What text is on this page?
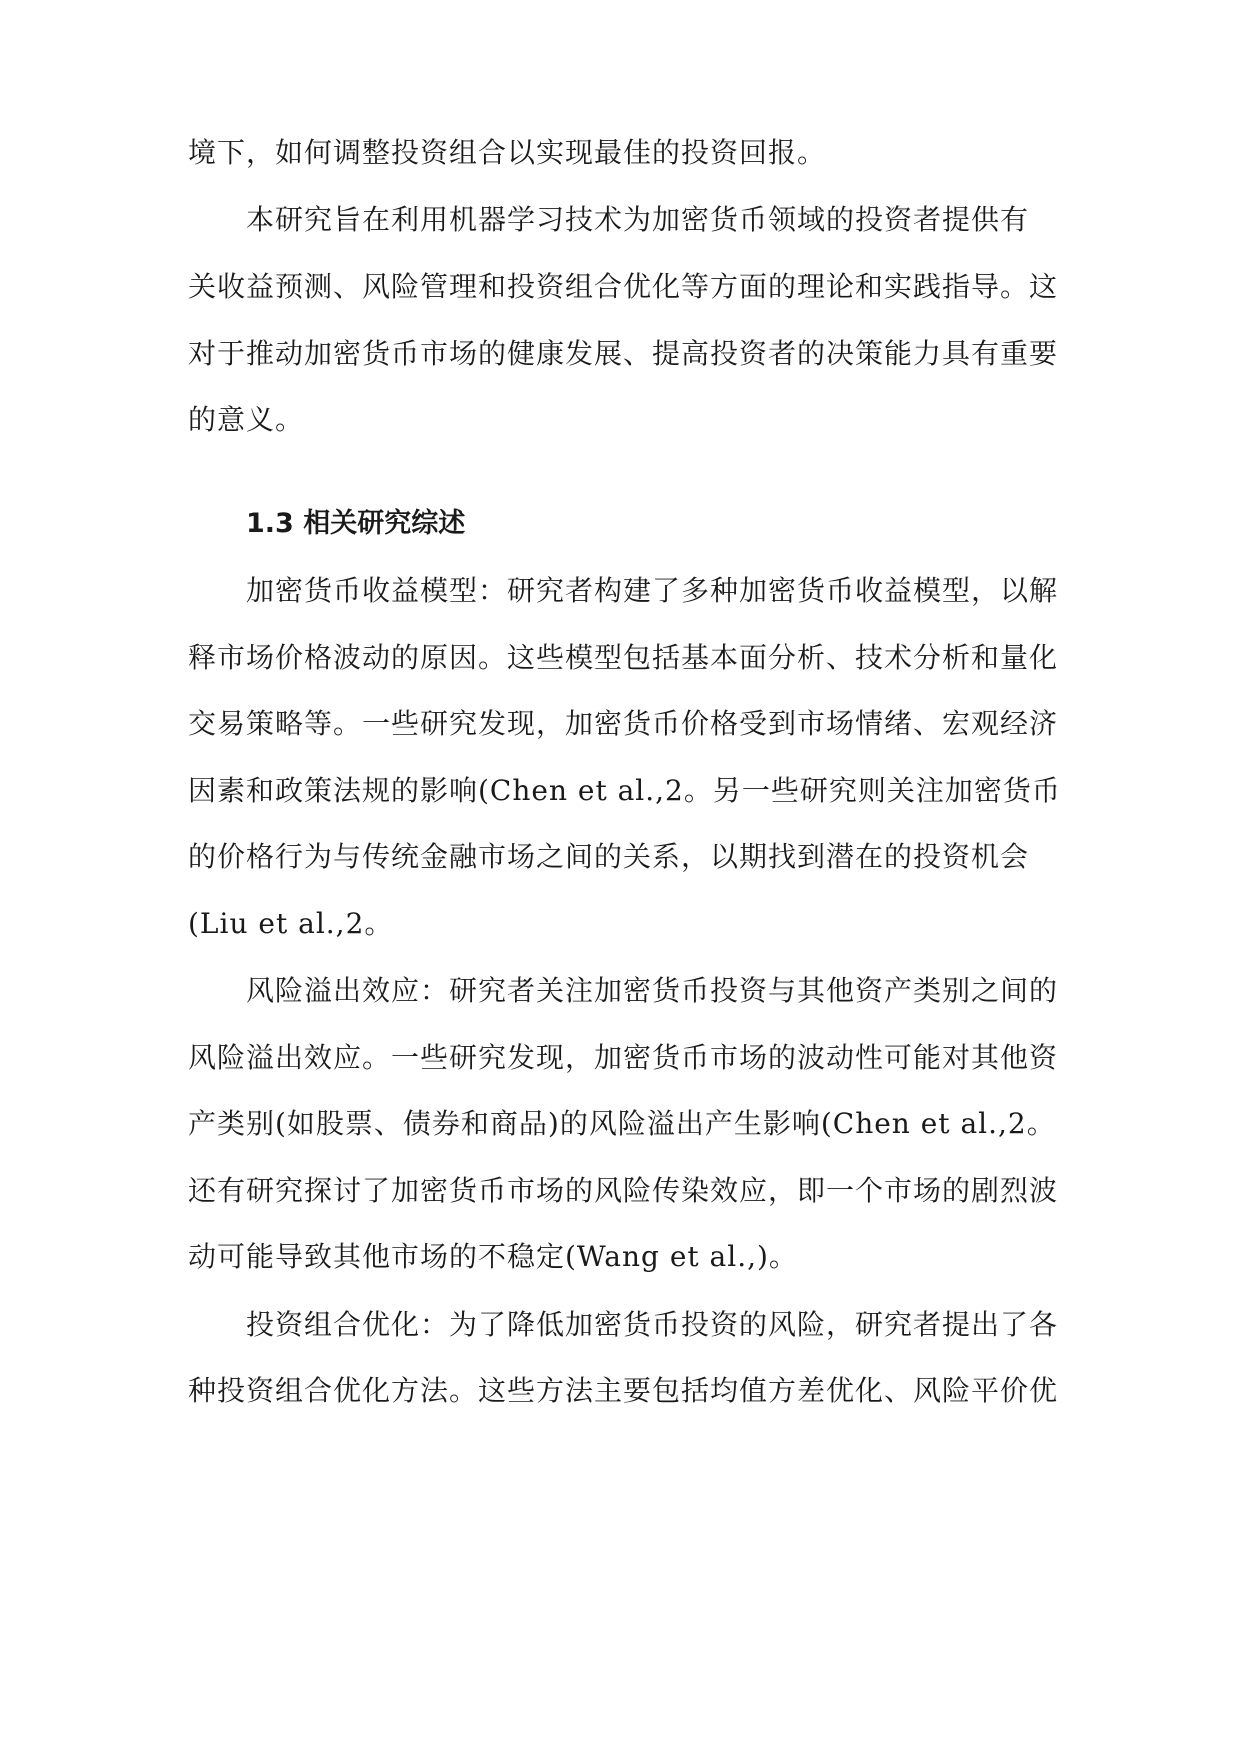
境下，如何调整投资组合以实现最佳的投资回报。
本研究旨在利用机器学习技术为加密货币领域的投资者提供有
关收益预测、风险管理和投资组合优化等方面的理论和实践指导。这
对于推动加密货币市场的健康发展、提高投资者的决策能力具有重要
的意义。
1.3 相关研究综述
加密货币收益模型：研究者构建了多种加密货币收益模型，以解
释市场价格波动的原因。这些模型包括基本面分析、技术分析和量化
交易策略等。一些研究发现，加密货币价格受到市场情绪、宏观经济
因素和政策法规的影响(Chen et al.,2。另一些研究则关注加密货币
的价格行为与传统金融市场之间的关系，以期找到潜在的投资机会
(Liu et al.,2。
风险溢出效应：研究者关注加密货币投资与其他资产类别之间的
风险溢出效应。一些研究发现，加密货币市场的波动性可能对其他资
产类别(如股票、债券和商品)的风险溢出产生影响(Chen et al.,2。
还有研究探讨了加密货币市场的风险传染效应，即一个市场的剧烈波
动可能导致其他市场的不稳定(Wang et al.,)。
投资组合优化：为了降低加密货币投资的风险，研究者提出了各
种投资组合优化方法。这些方法主要包括均值方差优化、风险平价优
